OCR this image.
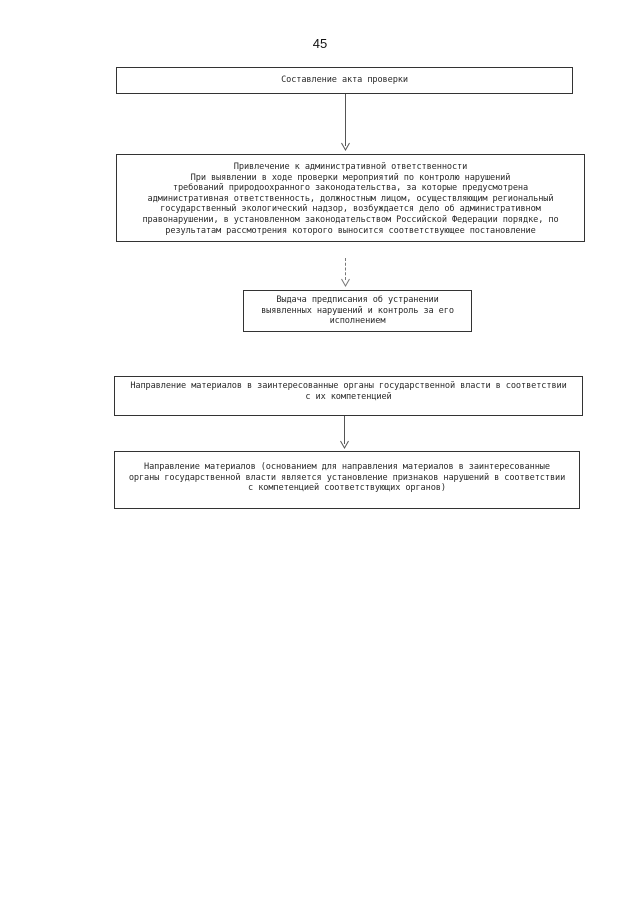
45

Составление акта проверки

Привлечение к административной ответственности

При выявлении в ходе проверки мероприятий по контролю нарушений

требований природоохранного законодательства, за которые предусмотрена

административная ответственность, должностным лицом, осуществляющим региональный

государственный экологический надзор, возбуждается дело об административном

правонарушении, в установленном законодательством Российской Федерации порядке, по

результатам рассмотрения которого выносится соответствующее постановление

Выдача предписания об устранении

выявленных нарушений и контроль за его

исполнением

Направление материалов в заинтересованные органы государственной власти в соответствии

с их компетенцией

Направление материалов (основанием для направления материалов в заинтересованные

органы государственной власти является установление признаков нарушений в соответствии

с компетенцией соответствующих органов)
